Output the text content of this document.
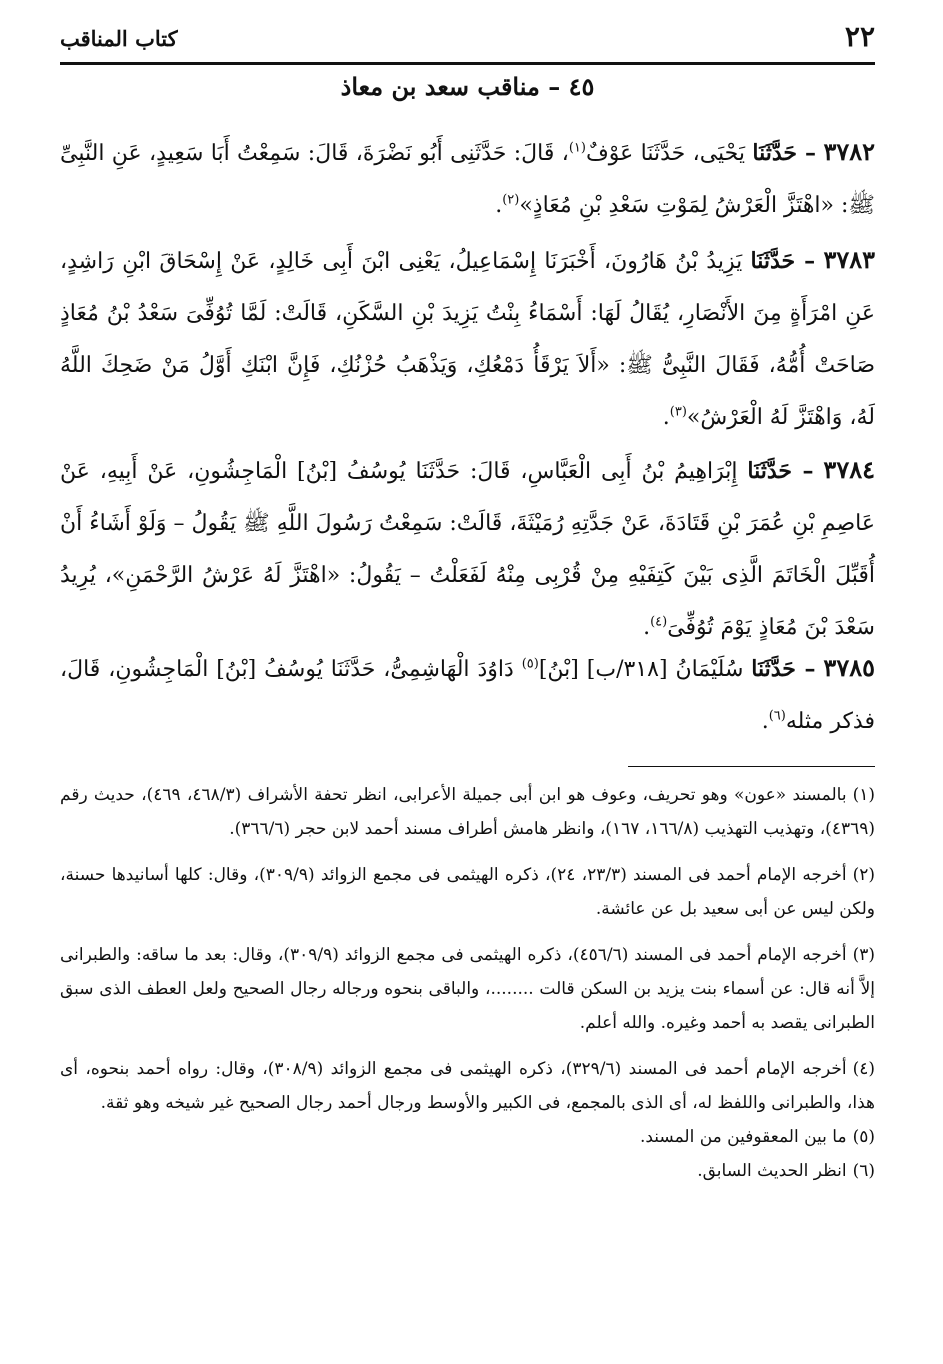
٢٢
كتاب المناقب
٤٥ – مناقب سعد بن معاذ

٣٧٨٢ – حَدَّثَنَا يَحْيَى، حَدَّثَنَا عَوْفٌ$^{(١)}$، قَالَ: حَدَّثَنِى أَبُو نَضْرَةَ، قَالَ: سَمِعْتُ أَبَا سَعِيدٍ، عَنِ النَّبِىِّ ﷺ: «اهْتَزَّ الْعَرْشُ لِمَوْتِ سَعْدِ بْنِ مُعَاذٍ»$^{(٢)}$.

٣٧٨٣ – حَدَّثَنَا يَزِيدُ بْنُ هَارُونَ، أَخْبَرَنَا إِسْمَاعِيلُ، يَعْنِى ابْنَ أَبِى خَالِدٍ، عَنْ إِسْحَاقَ ابْنِ رَاشِدٍ، عَنِ امْرَأَةٍ مِنَ الأَنْصَارِ، يُقَالُ لَهَا: أَسْمَاءُ بِنْتُ يَزِيدَ بْنِ السَّكَنِ، قَالَتْ: لَمَّا تُوُفِّىَ سَعْدُ بْنُ مُعَاذٍ صَاحَتْ أُمُّهُ، فَقَالَ النَّبِىُّ ﷺ: «أَلاَ يَرْقَأُ دَمْعُكِ، وَيَذْهَبُ حُزْنُكِ، فَإِنَّ ابْنَكِ أَوَّلُ مَنْ ضَحِكَ اللَّهُ لَهُ، وَاهْتَزَّ لَهُ الْعَرْشُ»$^{(٣)}$.

٣٧٨٤ – حَدَّثَنَا إِبْرَاهِيمُ بْنُ أَبِى الْعَبَّاسِ، قَالَ: حَدَّثَنَا يُوسُفُ [بْنُ] الْمَاجِشُونِ، عَنْ أَبِيهِ، عَنْ عَاصِمِ بْنِ عُمَرَ بْنِ قَتَادَةَ، عَنْ جَدَّتِهِ رُمَيْثَةَ، قَالَتْ: سَمِعْتُ رَسُولَ اللَّهِ ﷺ يَقُولُ – وَلَوْ أَشَاءُ أَنْ أُقَبِّلَ الْخَاتَمَ الَّذِى بَيْنَ كَتِفَيْهِ مِنْ قُرْبِى مِنْهُ لَفَعَلْتُ – يَقُولُ: «اهْتَزَّ لَهُ عَرْشُ الرَّحْمَنِ»، يُرِيدُ سَعْدَ بْنَ مُعَاذٍ يَوْمَ تُوُفِّىَ$^{(٤)}$.

٣٧٨٥ – حَدَّثَنَا سُلَيْمَانُ [٣١٨/ب] [بْنُ]$^{(٥)}$ دَاوُدَ الْهَاشِمِىُّ، حَدَّثَنَا يُوسُفُ [بْنُ] الْمَاجِشُونِ، قَالَ، فذكر مثله$^{(٦)}$.

(١)بالمسند «عون» وهو تحريف، وعوف هو ابن أبى جميلة الأعرابى، انظر تحفة الأشراف (٤٦٨/٣، ٤٦٩)، حديث رقم (٤٣٦٩)، وتهذيب التهذيب (١٦٦/٨، ١٦٧)، وانظر هامش أطراف مسند أحمد لابن حجر (٣٦٦/٦).

(٢)أخرجه الإمام أحمد فى المسند (٢٣/٣، ٢٤)، ذكره الهيثمى فى مجمع الزوائد (٣٠٩/٩)، وقال: كلها أسانيدها حسنة، ولكن ليس عن أبى سعيد بل عن عائشة.

(٣)أخرجه الإمام أحمد فى المسند (٤٥٦/٦)، ذكره الهيثمى فى مجمع الزوائد (٣٠٩/٩)، وقال: بعد ما ساقه: والطبرانى إلاَّ أنه قال: عن أسماء بنت يزيد بن السكن قالت ........، والباقى بنحوه ورجاله رجال الصحيح ولعل العطف الذى سبق الطبرانى يقصد به أحمد وغيره. والله أعلم.

(٤)أخرجه الإمام أحمد فى المسند (٣٢٩/٦)، ذكره الهيثمى فى مجمع الزوائد (٣٠٨/٩)، وقال: رواه أحمد بنحوه، أى هذا، والطبرانى واللفظ له، أى الذى بالمجمع، فى الكبير والأوسط ورجال أحمد رجال الصحيح غير شيخه وهو ثقة.

(٥)ما بين المعقوفين من المسند.

(٦)انظر الحديث السابق.
